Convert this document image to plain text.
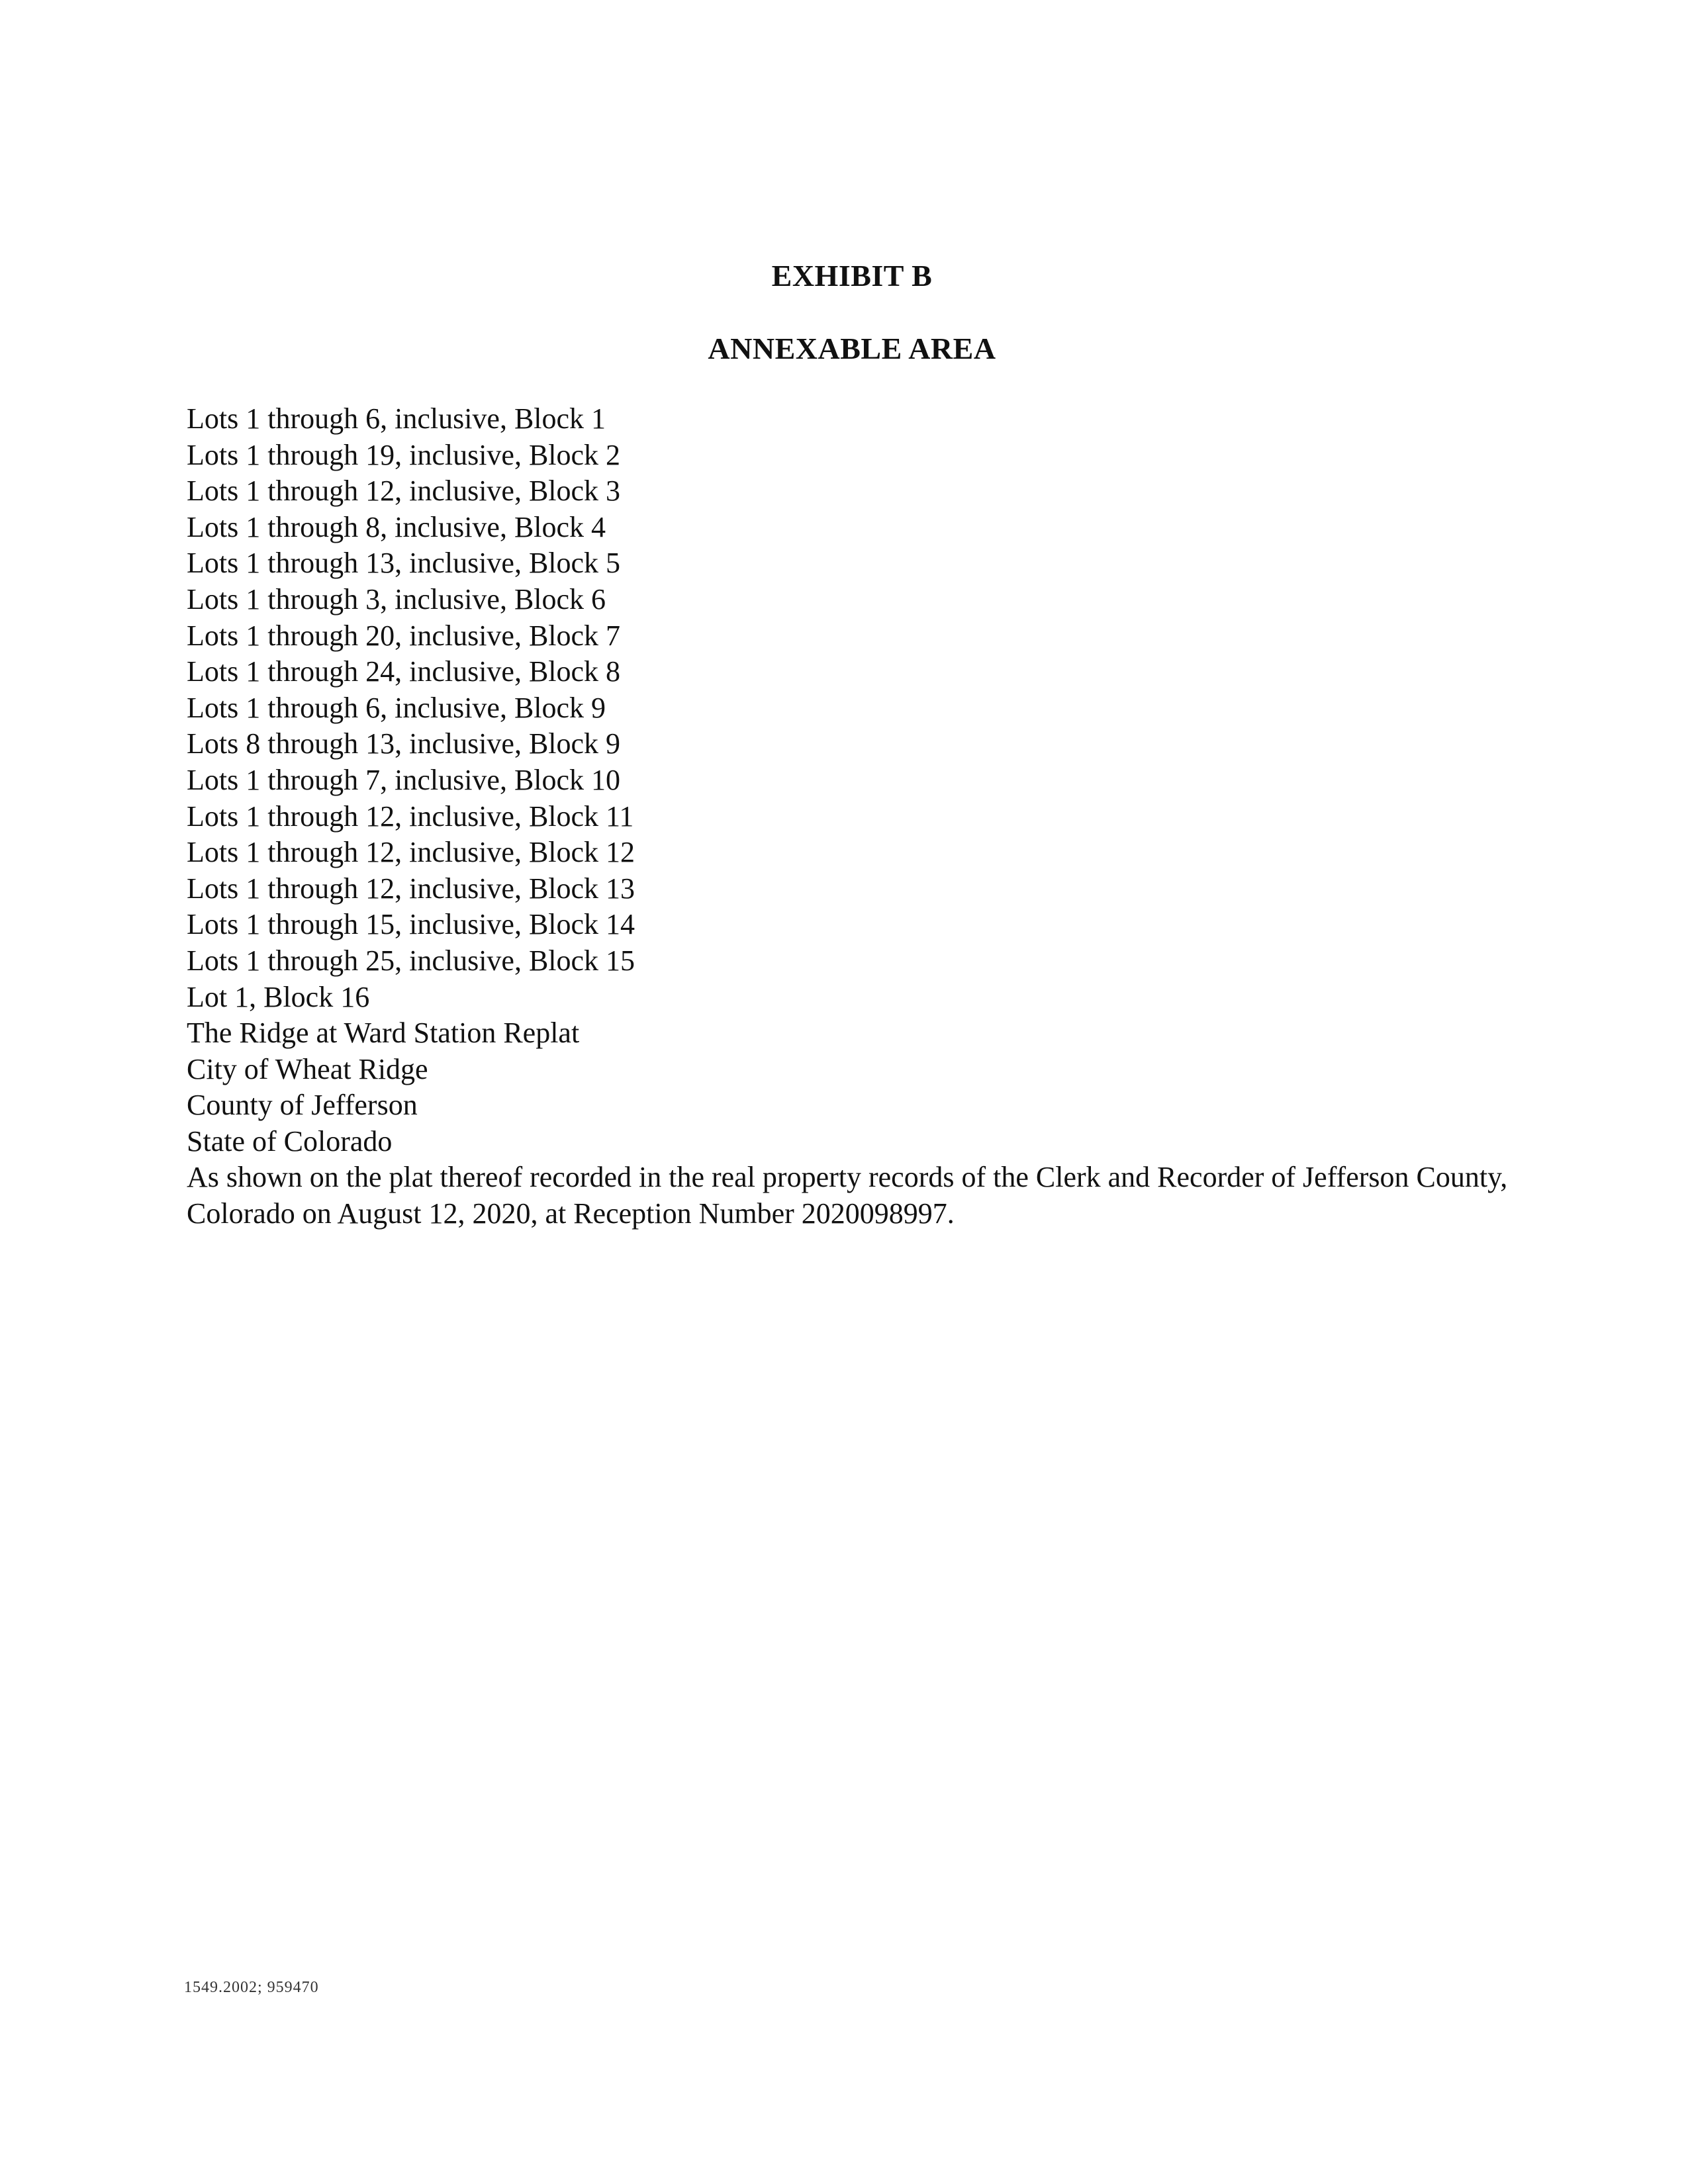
EXHIBIT B
ANNEXABLE AREA
Lots 1 through 6, inclusive, Block 1
Lots 1 through 19, inclusive, Block 2
Lots 1 through 12, inclusive, Block 3
Lots 1 through 8, inclusive, Block 4
Lots 1 through 13, inclusive, Block 5
Lots 1 through 3, inclusive, Block 6
Lots 1 through 20, inclusive, Block 7
Lots 1 through 24, inclusive, Block 8
Lots 1 through 6, inclusive, Block 9
Lots 8 through 13, inclusive, Block 9
Lots 1 through 7, inclusive, Block 10
Lots 1 through 12, inclusive, Block 11
Lots 1 through 12, inclusive, Block 12
Lots 1 through 12, inclusive, Block 13
Lots 1 through 15, inclusive, Block 14
Lots 1 through 25, inclusive, Block 15
Lot 1, Block 16
The Ridge at Ward Station Replat
City of Wheat Ridge
County of Jefferson
State of Colorado
As shown on the plat thereof recorded in the real property records of the Clerk and Recorder of Jefferson County, Colorado on August 12, 2020, at Reception Number 2020098997.
1549.2002; 959470
